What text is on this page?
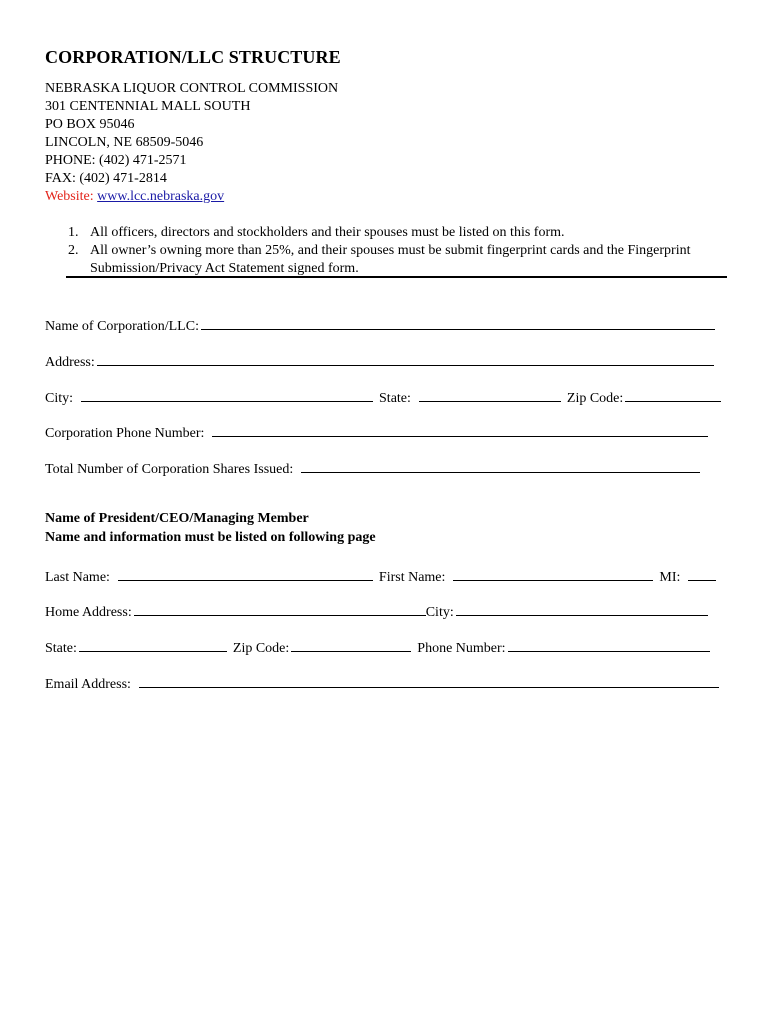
CORPORATION/LLC STRUCTURE
NEBRASKA LIQUOR CONTROL COMMISSION
301 CENTENNIAL MALL SOUTH
PO BOX 95046
LINCOLN, NE 68509-5046
PHONE: (402) 471-2571
FAX: (402) 471-2814
Website: www.lcc.nebraska.gov
1. All officers, directors and stockholders and their spouses must be listed on this form.
2. All owner’s owning more than 25%, and their spouses must be submit fingerprint cards and the Fingerprint Submission/Privacy Act Statement signed form.
Name of Corporation/LLC:
Address:
City:	State:	Zip Code:
Corporation Phone Number:
Total Number of Corporation Shares Issued:
Name of President/CEO/Managing Member
Name and information must be listed on following page
Last Name:	First Name:	MI:
Home Address:	City:
State:	Zip Code:	Phone Number:
Email Address:
